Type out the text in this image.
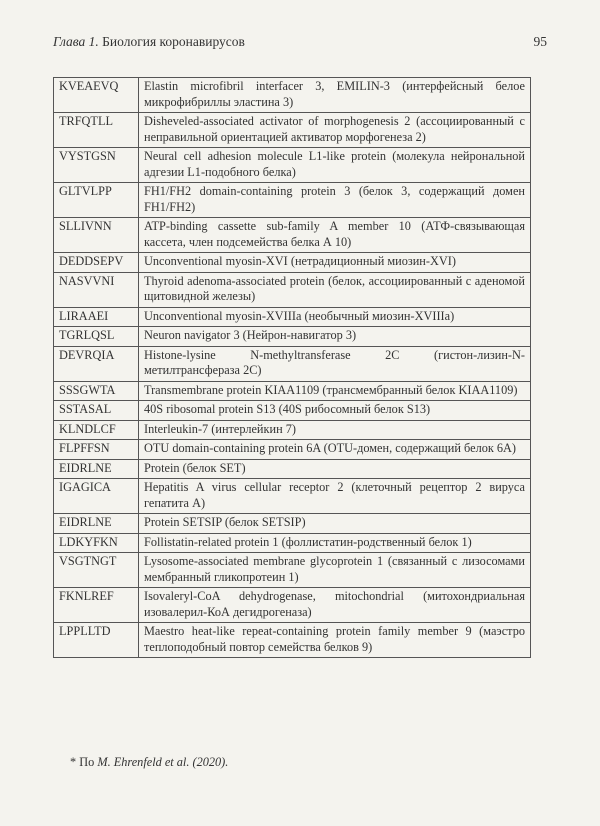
Глава 1. Биология коронавирусов	95
KVEAEVQ	Elastin microfibril interfacer 3, EMILIN-3 (интерфейсный белое микрофибриллы эластина 3)
TRFQTLL	Disheveled-associated activator of morphogenesis 2 (ассоциированный с неправильной ориентацией активатор морфогенеза 2)
VYSTGSN	Neural cell adhesion molecule L1-like protein (молекула нейрональной адгезии L1-подобного белка)
GLTVLPP	FH1/FH2 domain-containing protein 3 (белок 3, содержащий домен FH1/FH2)
SLLIVNN	ATP-binding cassette sub-family A member 10 (АТФ-связывающая кассета, член подсемейства белка А 10)
DEDDSEPV	Unconventional myosin-XVI (нетрадиционный миозин-XVI)
NASVVNI	Thyroid adenoma-associated protein (белок, ассоциированный с аденомой щитовидной железы)
LIRAAEI	Unconventional myosin-XVIIIa (необычный миозин-XVIIIa)
TGRLQSL	Neuron navigator 3 (Нейрон-навигатор 3)
DEVRQIA	Histone-lysine N-methyltransferase 2C (гистон-лизин-N-метилтрансфераза 2C)
SSSGWTA	Transmembrane protein KIAA1109 (трансмембранный белок KIAA1109)
SSTASAL	40S ribosomal protein S13 (40S рибосомный белок S13)
KLNDLCF	Interleukin-7 (интерлейкин 7)
FLPFFSN	OTU domain-containing protein 6A (OTU-домен, содержащий белок 6A)
EIDRLNE	Protein (белок SET)
IGAGICA	Hepatitis A virus cellular receptor 2 (клеточный рецептор 2 вируса гепатита А)
EIDRLNE	Protein SETSIP (белок SETSIP)
LDKYFKN	Follistatin-related protein 1 (фоллистатин-родственный белок 1)
VSGTNGT	Lysosome-associated membrane glycoprotein 1 (связанный с лизосомами мембранный гликопротеин 1)
FKNLREF	Isovaleryl-CoA dehydrogenase, mitochondrial (митохондриальная изовалерил-КоА дегидрогеназа)
LPPLLTD	Maestro heat-like repeat-containing protein family member 9 (маэстро теплоподобный повтор семейства белков 9)
* По M. Ehrenfeld et al. (2020).
